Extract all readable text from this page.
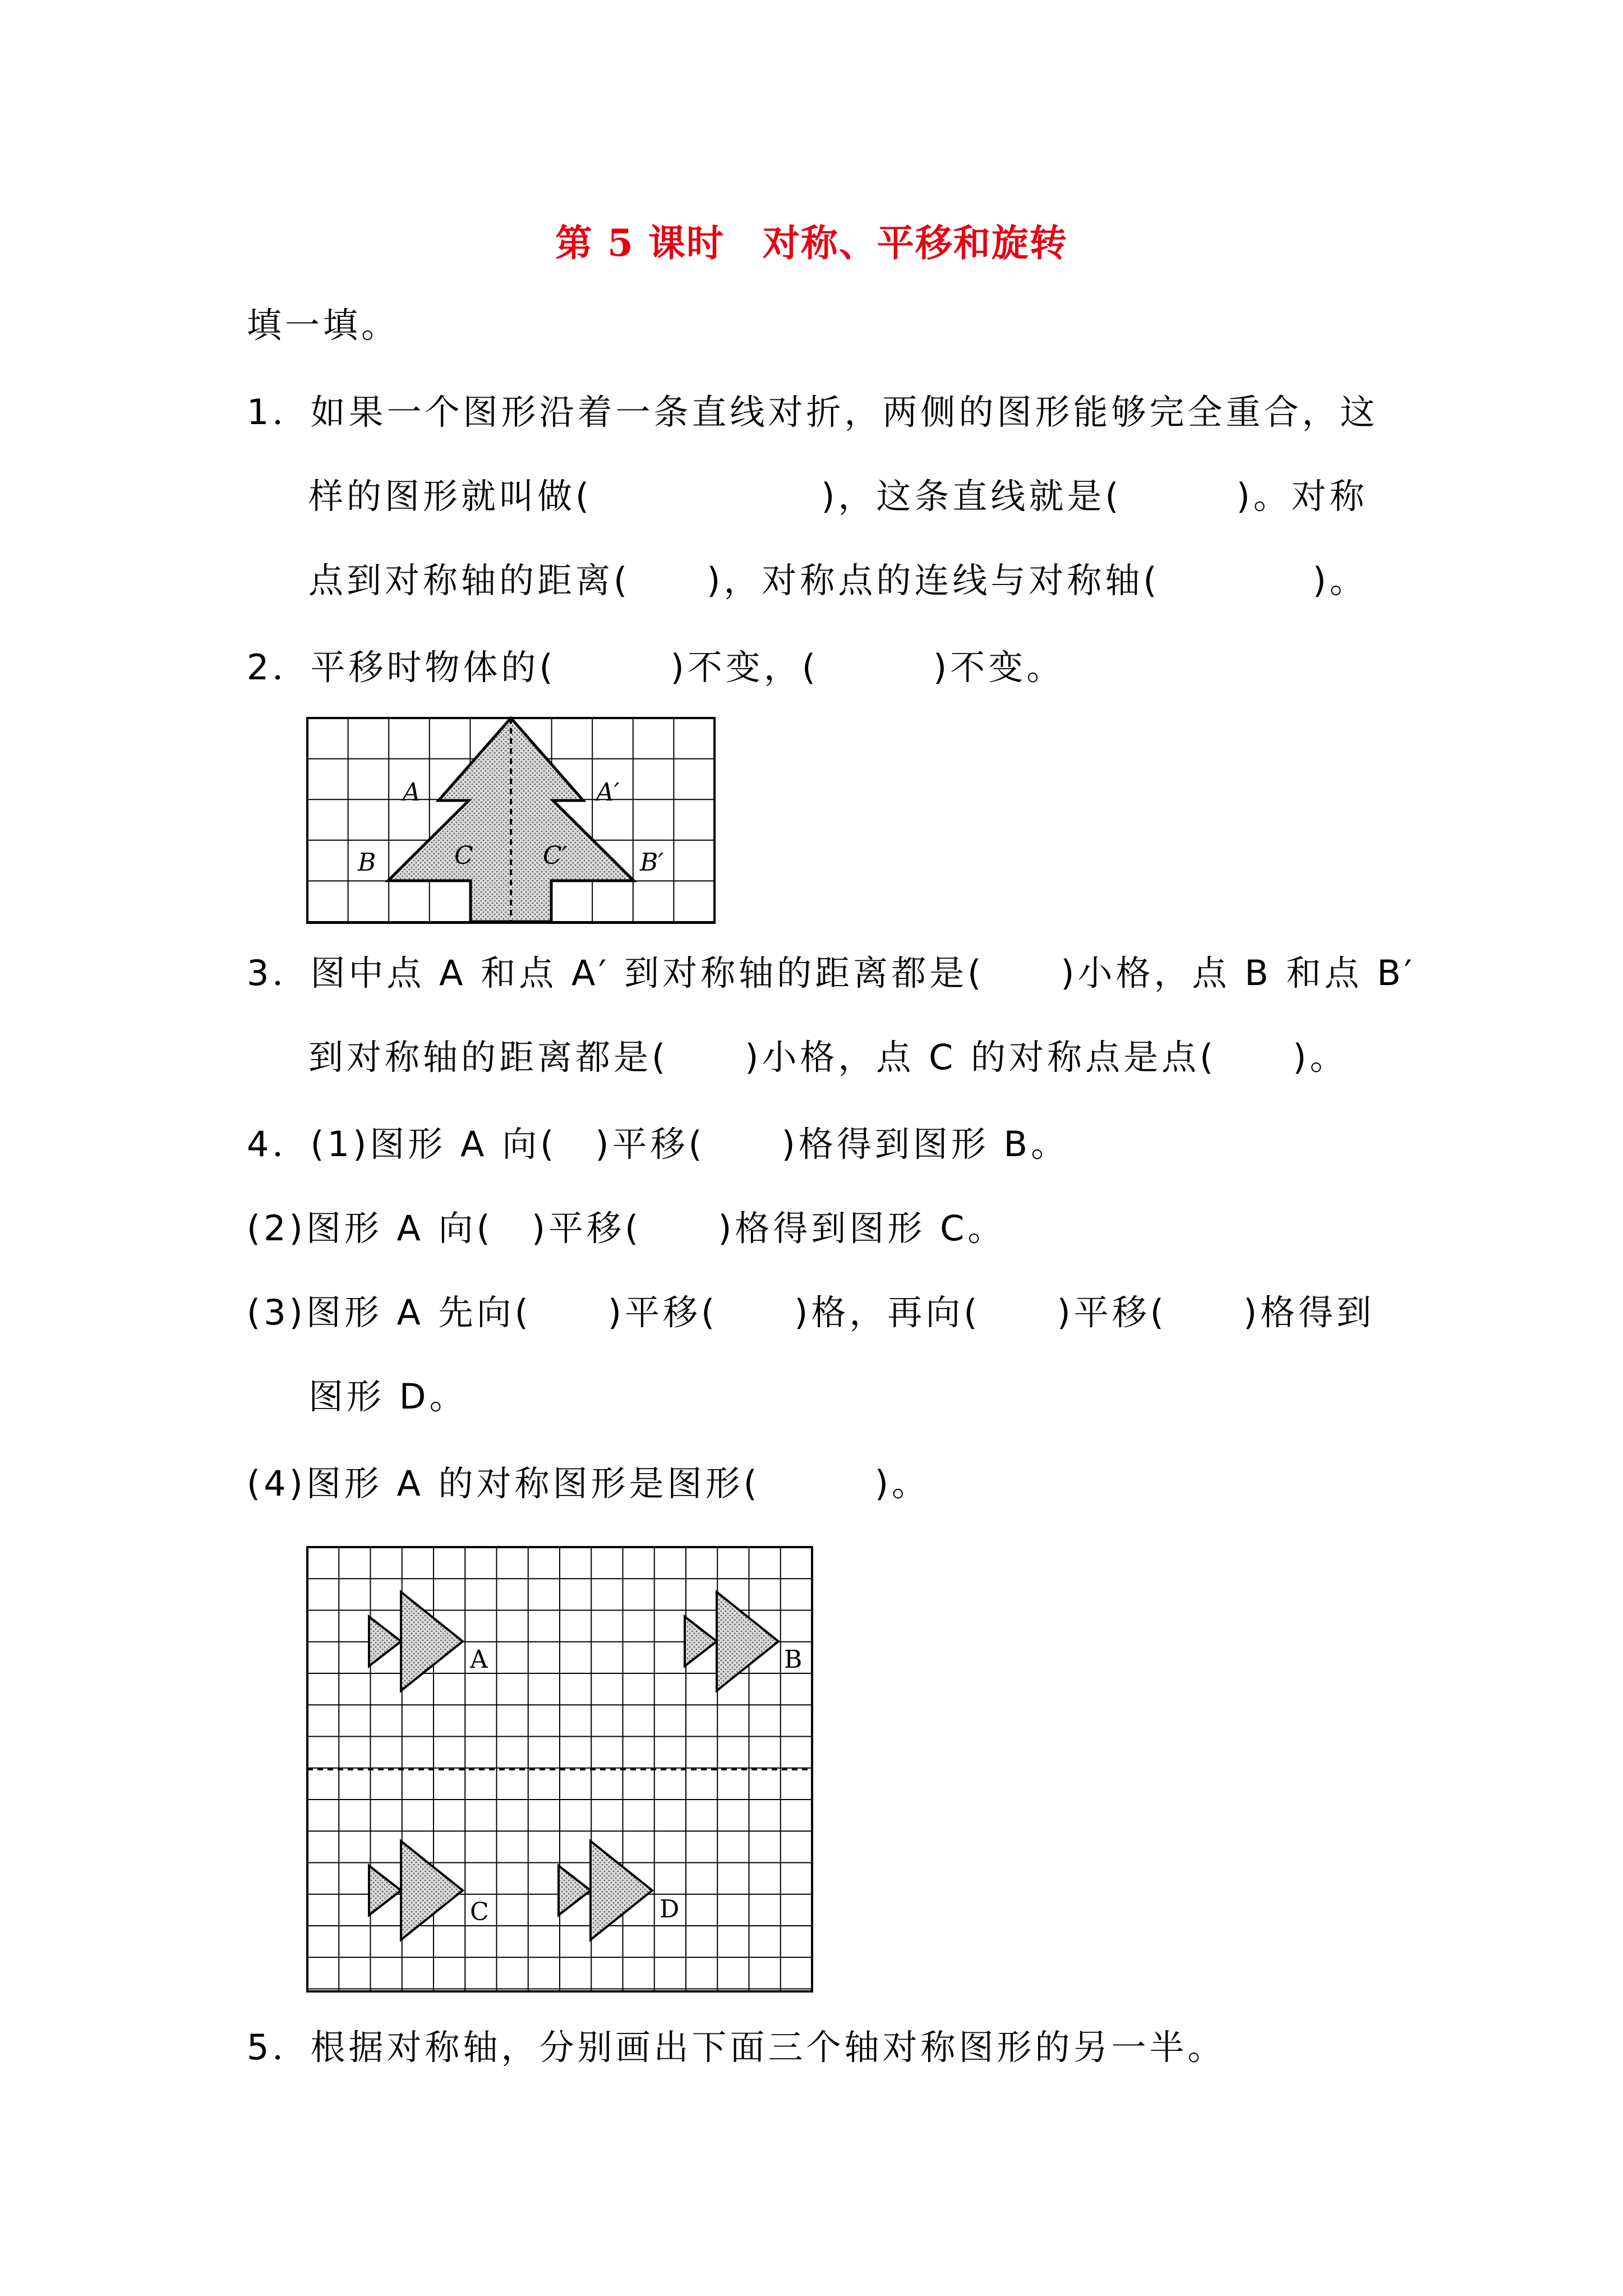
第 5 课时　对称、平移和旋转
填一填。
1．如果一个图形沿着一条直线对折，两侧的图形能够完全重合，这
样的图形就叫做(　　　　　　)，这条直线就是(　　　)。对称
点到对称轴的距离(　　)，对称点的连线与对称轴(　　　　)。
2．平移时物体的(　　　)不变，(　　　)不变。
A	A′
B	B′
C	C′
3．图中点 A 和点 A′ 到对称轴的距离都是(　　)小格，点 B 和点 B′
到对称轴的距离都是(　　)小格，点 C 的对称点是点(　　)。
4．(1)图形 A 向(　)平移(　　)格得到图形 B。
(2)图形 A 向(　)平移(　　)格得到图形 C。
(3)图形 A 先向(　　)平移(　　)格，再向(　　)平移(　　)格得到
图形 D。
(4)图形 A 的对称图形是图形(　　　)。
A	B
C	D
5．根据对称轴，分别画出下面三个轴对称图形的另一半。
